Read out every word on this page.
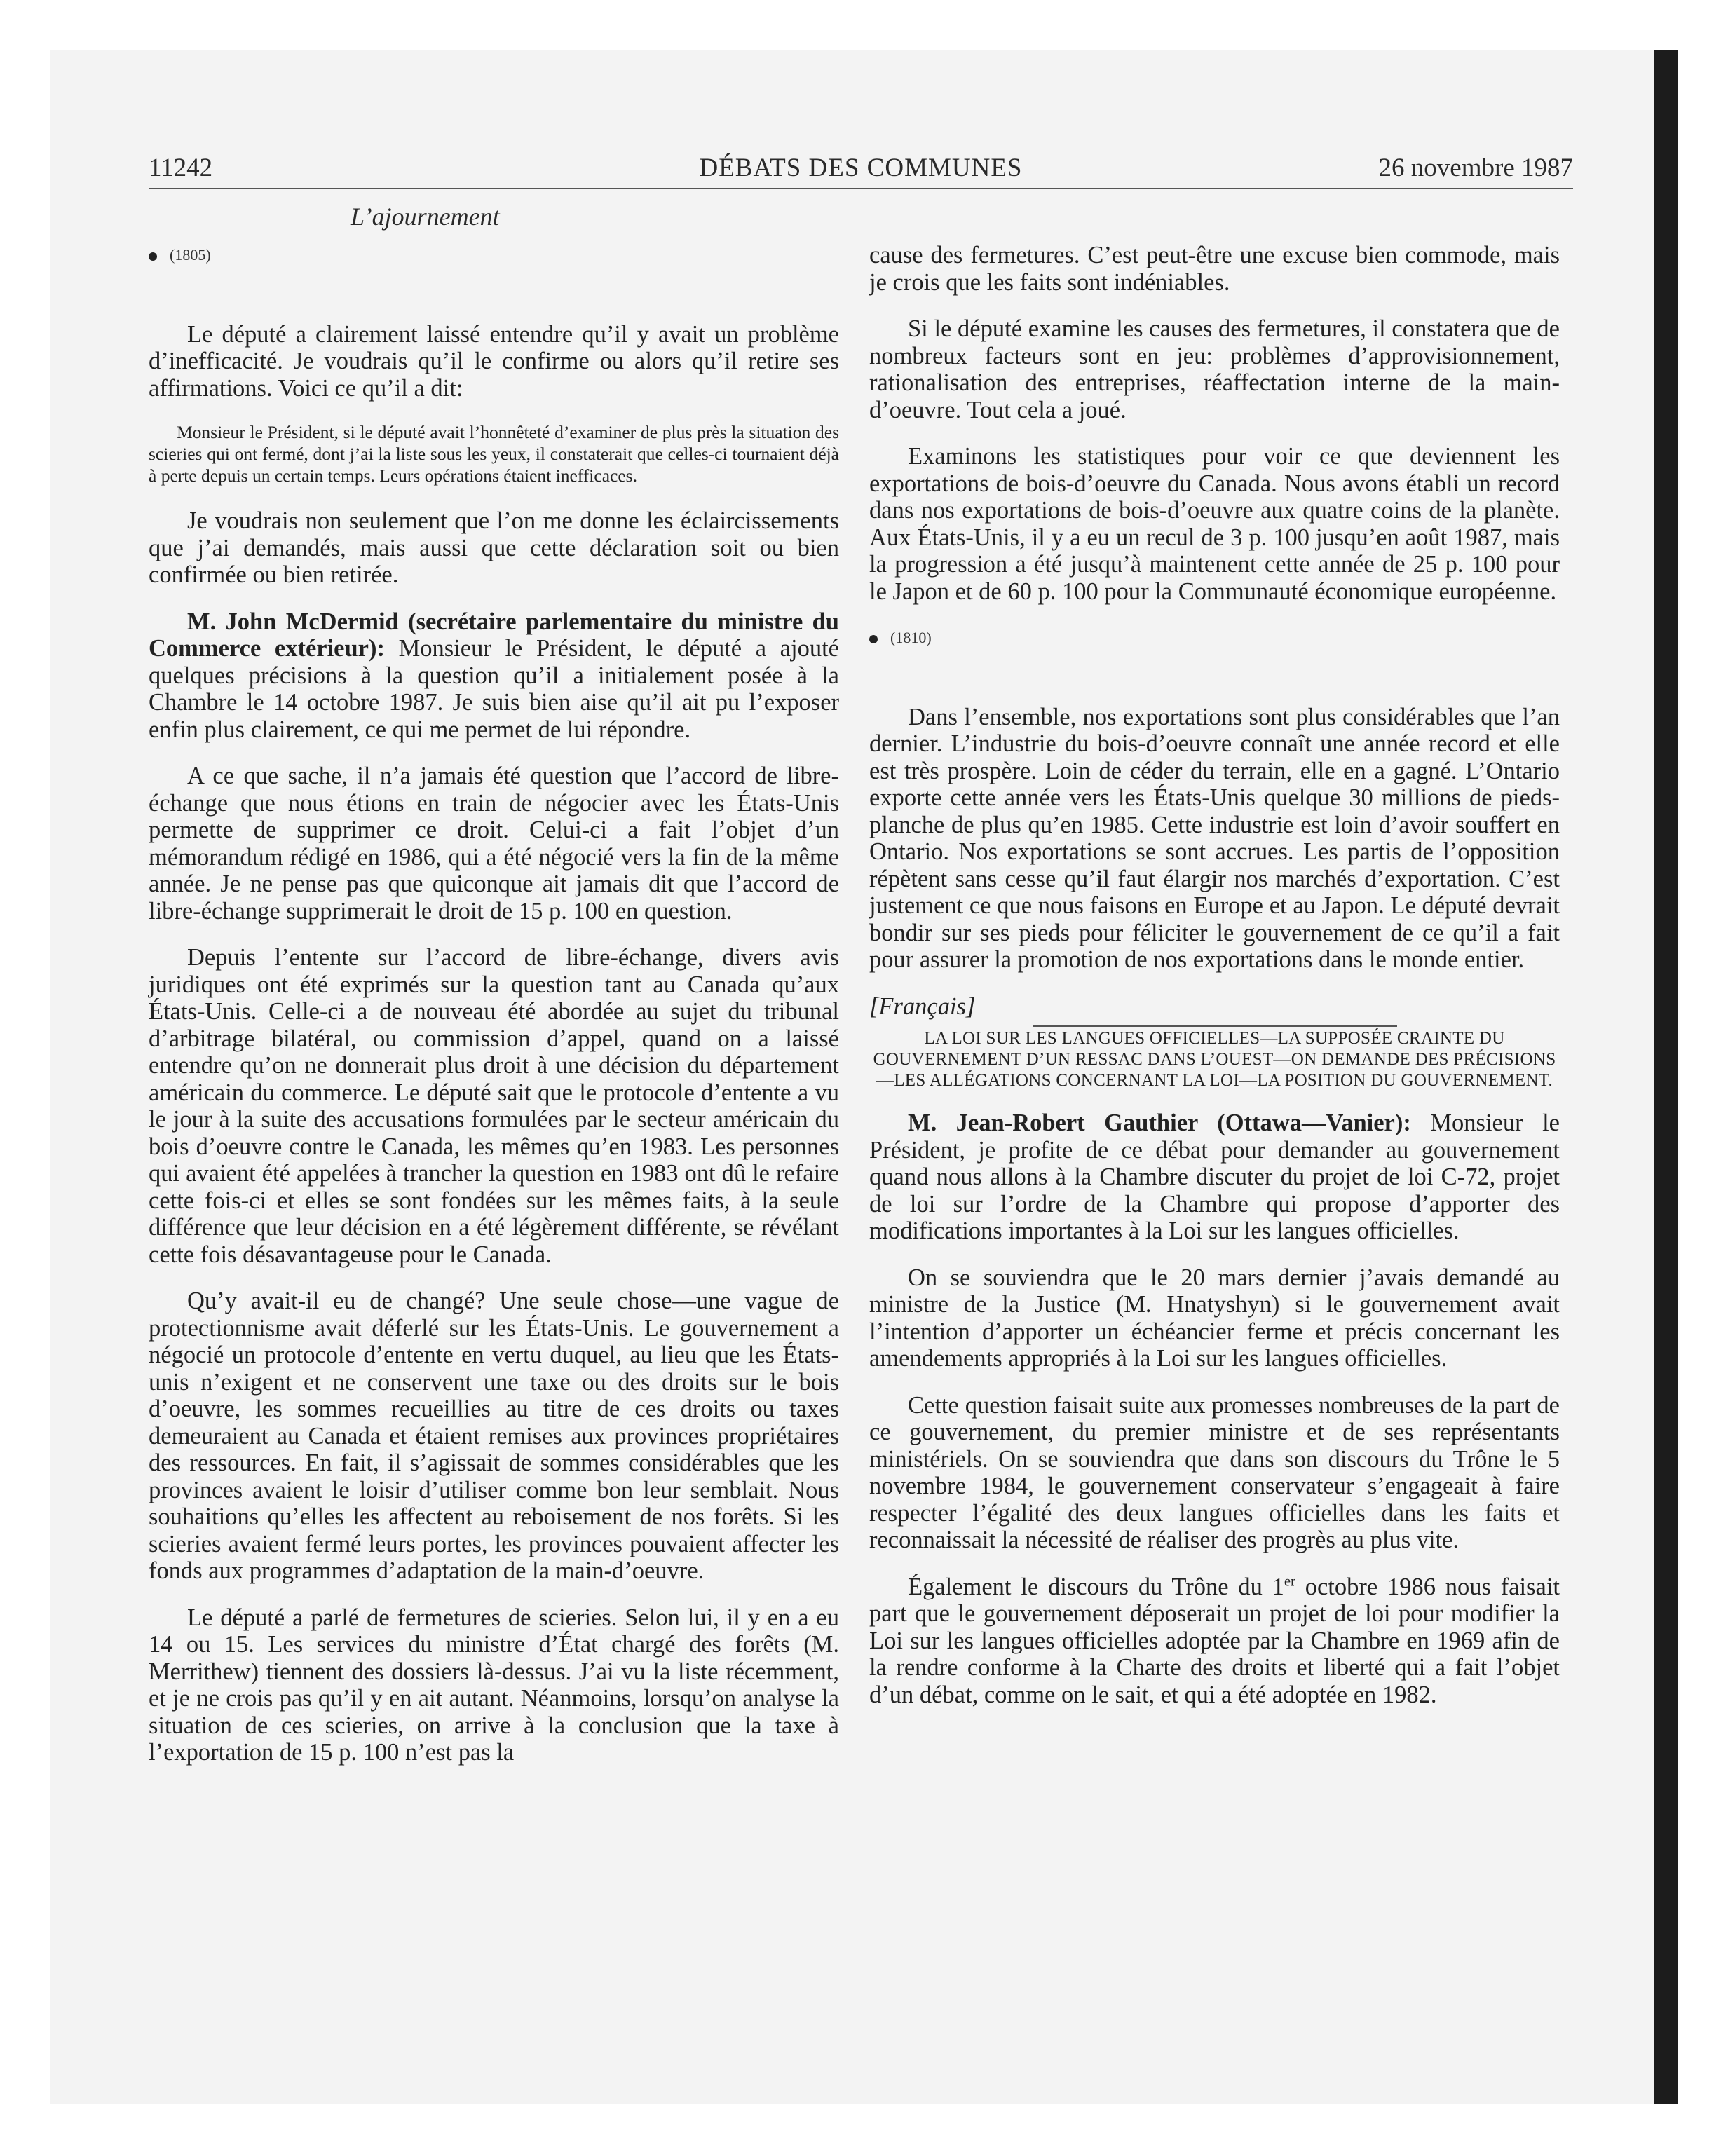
DÉBATS DES COMMUNES
11242	26 novembre 1987
L’ajournement
(1805)

Le député a clairement laissé entendre qu’il y avait un problème d’inefficacité. Je voudrais qu’il le confirme ou alors qu’il retire ses affirmations. Voici ce qu’il a dit:

Monsieur le Président, si le député avait l’honnêteté d’examiner de plus près la situation des scieries qui ont fermé, dont j’ai la liste sous les yeux, il constaterait que celles-ci tournaient déjà à perte depuis un certain temps. Leurs opérations étaient inefficaces.

Je voudrais non seulement que l’on me donne les éclaircissements que j’ai demandés, mais aussi que cette déclaration soit ou bien confirmée ou bien retirée.

M. John McDermid (secrétaire parlementaire du ministre du Commerce extérieur): Monsieur le Président, le député a ajouté quelques précisions à la question qu’il a initialement posée à la Chambre le 14 octobre 1987. Je suis bien aise qu’il ait pu l’exposer enfin plus clairement, ce qui me permet de lui répondre.

A ce que sache, il n’a jamais été question que l’accord de libre-échange que nous étions en train de négocier avec les États-Unis permette de supprimer ce droit. Celui-ci a fait l’objet d’un mémorandum rédigé en 1986, qui a été négocié vers la fin de la même année. Je ne pense pas que quiconque ait jamais dit que l’accord de libre-échange supprimerait le droit de 15 p. 100 en question.

Depuis l’entente sur l’accord de libre-échange, divers avis juridiques ont été exprimés sur la question tant au Canada qu’aux États-Unis. Celle-ci a de nouveau été abordée au sujet du tribunal d’arbitrage bilatéral, ou commission d’appel, quand on a laissé entendre qu’on ne donnerait plus droit à une décision du département américain du commerce. Le député sait que le protocole d’entente a vu le jour à la suite des accusations formulées par le secteur américain du bois d’oeuvre contre le Canada, les mêmes qu’en 1983. Les personnes qui avaient été appelées à trancher la question en 1983 ont dû le refaire cette fois-ci et elles se sont fondées sur les mêmes faits, à la seule différence que leur décision en a été légèrement différente, se révélant cette fois désavantageuse pour le Canada.

Qu’y avait-il eu de changé? Une seule chose—une vague de protectionnisme avait déferlé sur les États-Unis. Le gouvernement a négocié un protocole d’entente en vertu duquel, au lieu que les États-unis n’exigent et ne conservent une taxe ou des droits sur le bois d’oeuvre, les sommes recueillies au titre de ces droits ou taxes demeuraient au Canada et étaient remises aux provinces propriétaires des ressources. En fait, il s’agissait de sommes considérables que les provinces avaient le loisir d’utiliser comme bon leur semblait. Nous souhaitions qu’elles les affectent au reboisement de nos forêts. Si les scieries avaient fermé leurs portes, les provinces pouvaient affecter les fonds aux programmes d’adaptation de la main-d’oeuvre.

Le député a parlé de fermetures de scieries. Selon lui, il y en a eu 14 ou 15. Les services du ministre d’État chargé des forêts (M. Merrithew) tiennent des dossiers là-dessus. J’ai vu la liste récemment, et je ne crois pas qu’il y en ait autant. Néanmoins, lorsqu’on analyse la situation de ces scieries, on arrive à la conclusion que la taxe à l’exportation de 15 p. 100 n’est pas la

cause des fermetures. C’est peut-être une excuse bien commode, mais je crois que les faits sont indéniables.

Si le député examine les causes des fermetures, il constatera que de nombreux facteurs sont en jeu: problèmes d’approvisionnement, rationalisation des entreprises, réaffectation interne de la main-d’oeuvre. Tout cela a joué.

Examinons les statistiques pour voir ce que deviennent les exportations de bois-d’oeuvre du Canada. Nous avons établi un record dans nos exportations de bois-d’oeuvre aux quatre coins de la planète. Aux États-Unis, il y a eu un recul de 3 p. 100 jusqu’en août 1987, mais la progression a été jusqu’à maintenent cette année de 25 p. 100 pour le Japon et de 60 p. 100 pour la Communauté économique européenne.

(1810)

Dans l’ensemble, nos exportations sont plus considérables que l’an dernier. L’industrie du bois-d’oeuvre connaît une année record et elle est très prospère. Loin de céder du terrain, elle en a gagné. L’Ontario exporte cette année vers les États-Unis quelque 30 millions de pieds-planche de plus qu’en 1985. Cette industrie est loin d’avoir souffert en Ontario. Nos exportations se sont accrues. Les partis de l’opposition répètent sans cesse qu’il faut élargir nos marchés d’exportation. C’est justement ce que nous faisons en Europe et au Japon. Le député devrait bondir sur ses pieds pour féliciter le gouvernement de ce qu’il a fait pour assurer la promotion de nos exportations dans le monde entier.

[Français]

LA LOI SUR LES LANGUES OFFICIELLES—LA SUPPOSÉE CRAINTE DU GOUVERNEMENT D’UN RESSAC DANS L’OUEST—ON DEMANDE DES PRÉCISIONS—LES ALLÉGATIONS CONCERNANT LA LOI—LA POSITION DU GOUVERNEMENT.

M. Jean-Robert Gauthier (Ottawa—Vanier): Monsieur le Président, je profite de ce débat pour demander au gouvernement quand nous allons à la Chambre discuter du projet de loi C-72, projet de loi sur l’ordre de la Chambre qui propose d’apporter des modifications importantes à la Loi sur les langues officielles.

On se souviendra que le 20 mars dernier j’avais demandé au ministre de la Justice (M. Hnatyshyn) si le gouvernement avait l’intention d’apporter un échéancier ferme et précis concernant les amendements appropriés à la Loi sur les langues officielles.

Cette question faisait suite aux promesses nombreuses de la part de ce gouvernement, du premier ministre et de ses représentants ministériels. On se souviendra que dans son discours du Trône le 5 novembre 1984, le gouvernement conservateur s’engageait à faire respecter l’égalité des deux langues officielles dans les faits et reconnaissait la nécessité de réaliser des progrès au plus vite.

Également le discours du Trône du 1er octobre 1986 nous faisait part que le gouvernement déposerait un projet de loi pour modifier la Loi sur les langues officielles adoptée par la Chambre en 1969 afin de la rendre conforme à la Charte des droits et liberté qui a fait l’objet d’un débat, comme on le sait, et qui a été adoptée en 1982.
